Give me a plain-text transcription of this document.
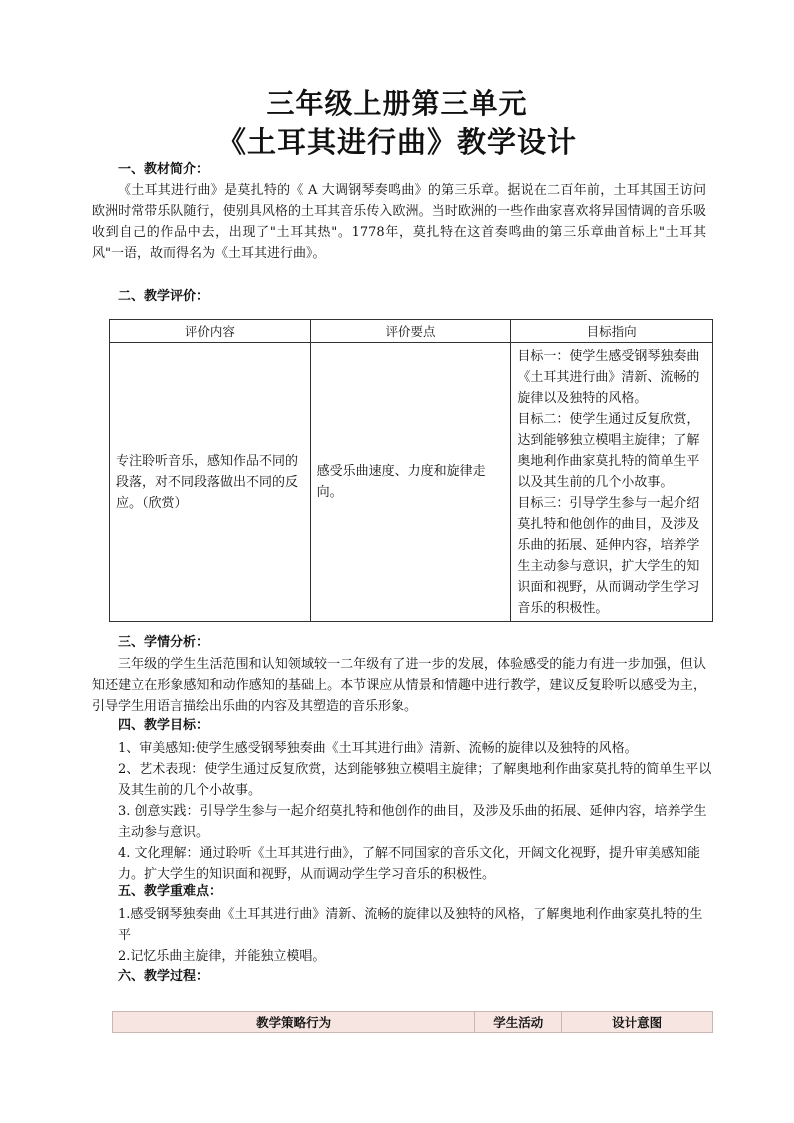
三年级上册第三单元
《土耳其进行曲》教学设计
一、教材简介：
《土耳其进行曲》是莫扎特的《 A 大调钢琴奏鸣曲》的第三乐章。据说在二百年前，土耳其国王访问欧洲时常带乐队随行，使别具风格的土耳其音乐传入欧洲。当时欧洲的一些作曲家喜欢将异国情调的音乐吸收到自己的作品中去，出现了"土耳其热"。1778年，莫扎特在这首奏鸣曲的第三乐章曲首标上"土耳其风"一语，故而得名为《土耳其进行曲》。
二、教学评价：
评价内容	评价要点	目标指向
专注聆听音乐，感知作品不同的段落，对不同段落做出不同的反应。（欣赏）	感受乐曲速度、力度和旋律走向。	目标一：使学生感受钢琴独奏曲《土耳其进行曲》清新、流畅的旋律以及独特的风格。
目标二：使学生通过反复欣赏，达到能够独立模唱主旋律；了解奥地利作曲家莫扎特的简单生平以及其生前的几个小故事。
目标三：引导学生参与一起介绍莫扎特和他创作的曲目，及涉及乐曲的拓展、延伸内容，培养学生主动参与意识，扩大学生的知识面和视野，从而调动学生学习音乐的积极性。
三、学情分析：
三年级的学生生活范围和认知领域较一二年级有了进一步的发展，体验感受的能力有进一步加强，但认知还建立在形象感知和动作感知的基础上。本节课应从情景和情趣中进行教学，建议反复聆听以感受为主，引导学生用语言描绘出乐曲的内容及其塑造的音乐形象。
四、教学目标：
1、审美感知:使学生感受钢琴独奏曲《土耳其进行曲》清新、流畅的旋律以及独特的风格。
2、艺术表现：使学生通过反复欣赏，达到能够独立模唱主旋律；了解奥地利作曲家莫扎特的简单生平以及其生前的几个小故事。
3. 创意实践：引导学生参与一起介绍莫扎特和他创作的曲目，及涉及乐曲的拓展、延伸内容，培养学生主动参与意识。
4. 文化理解：通过聆听《土耳其进行曲》，了解不同国家的音乐文化，开阔文化视野，提升审美感知能力。扩大学生的知识面和视野，从而调动学生学习音乐的积极性。
五、教学重难点：
1.感受钢琴独奏曲《土耳其进行曲》清新、流畅的旋律以及独特的风格，了解奥地利作曲家莫扎特的生平
2.记忆乐曲主旋律，并能独立模唱。
六、教学过程：
教学策略行为	学生活动	设计意图
